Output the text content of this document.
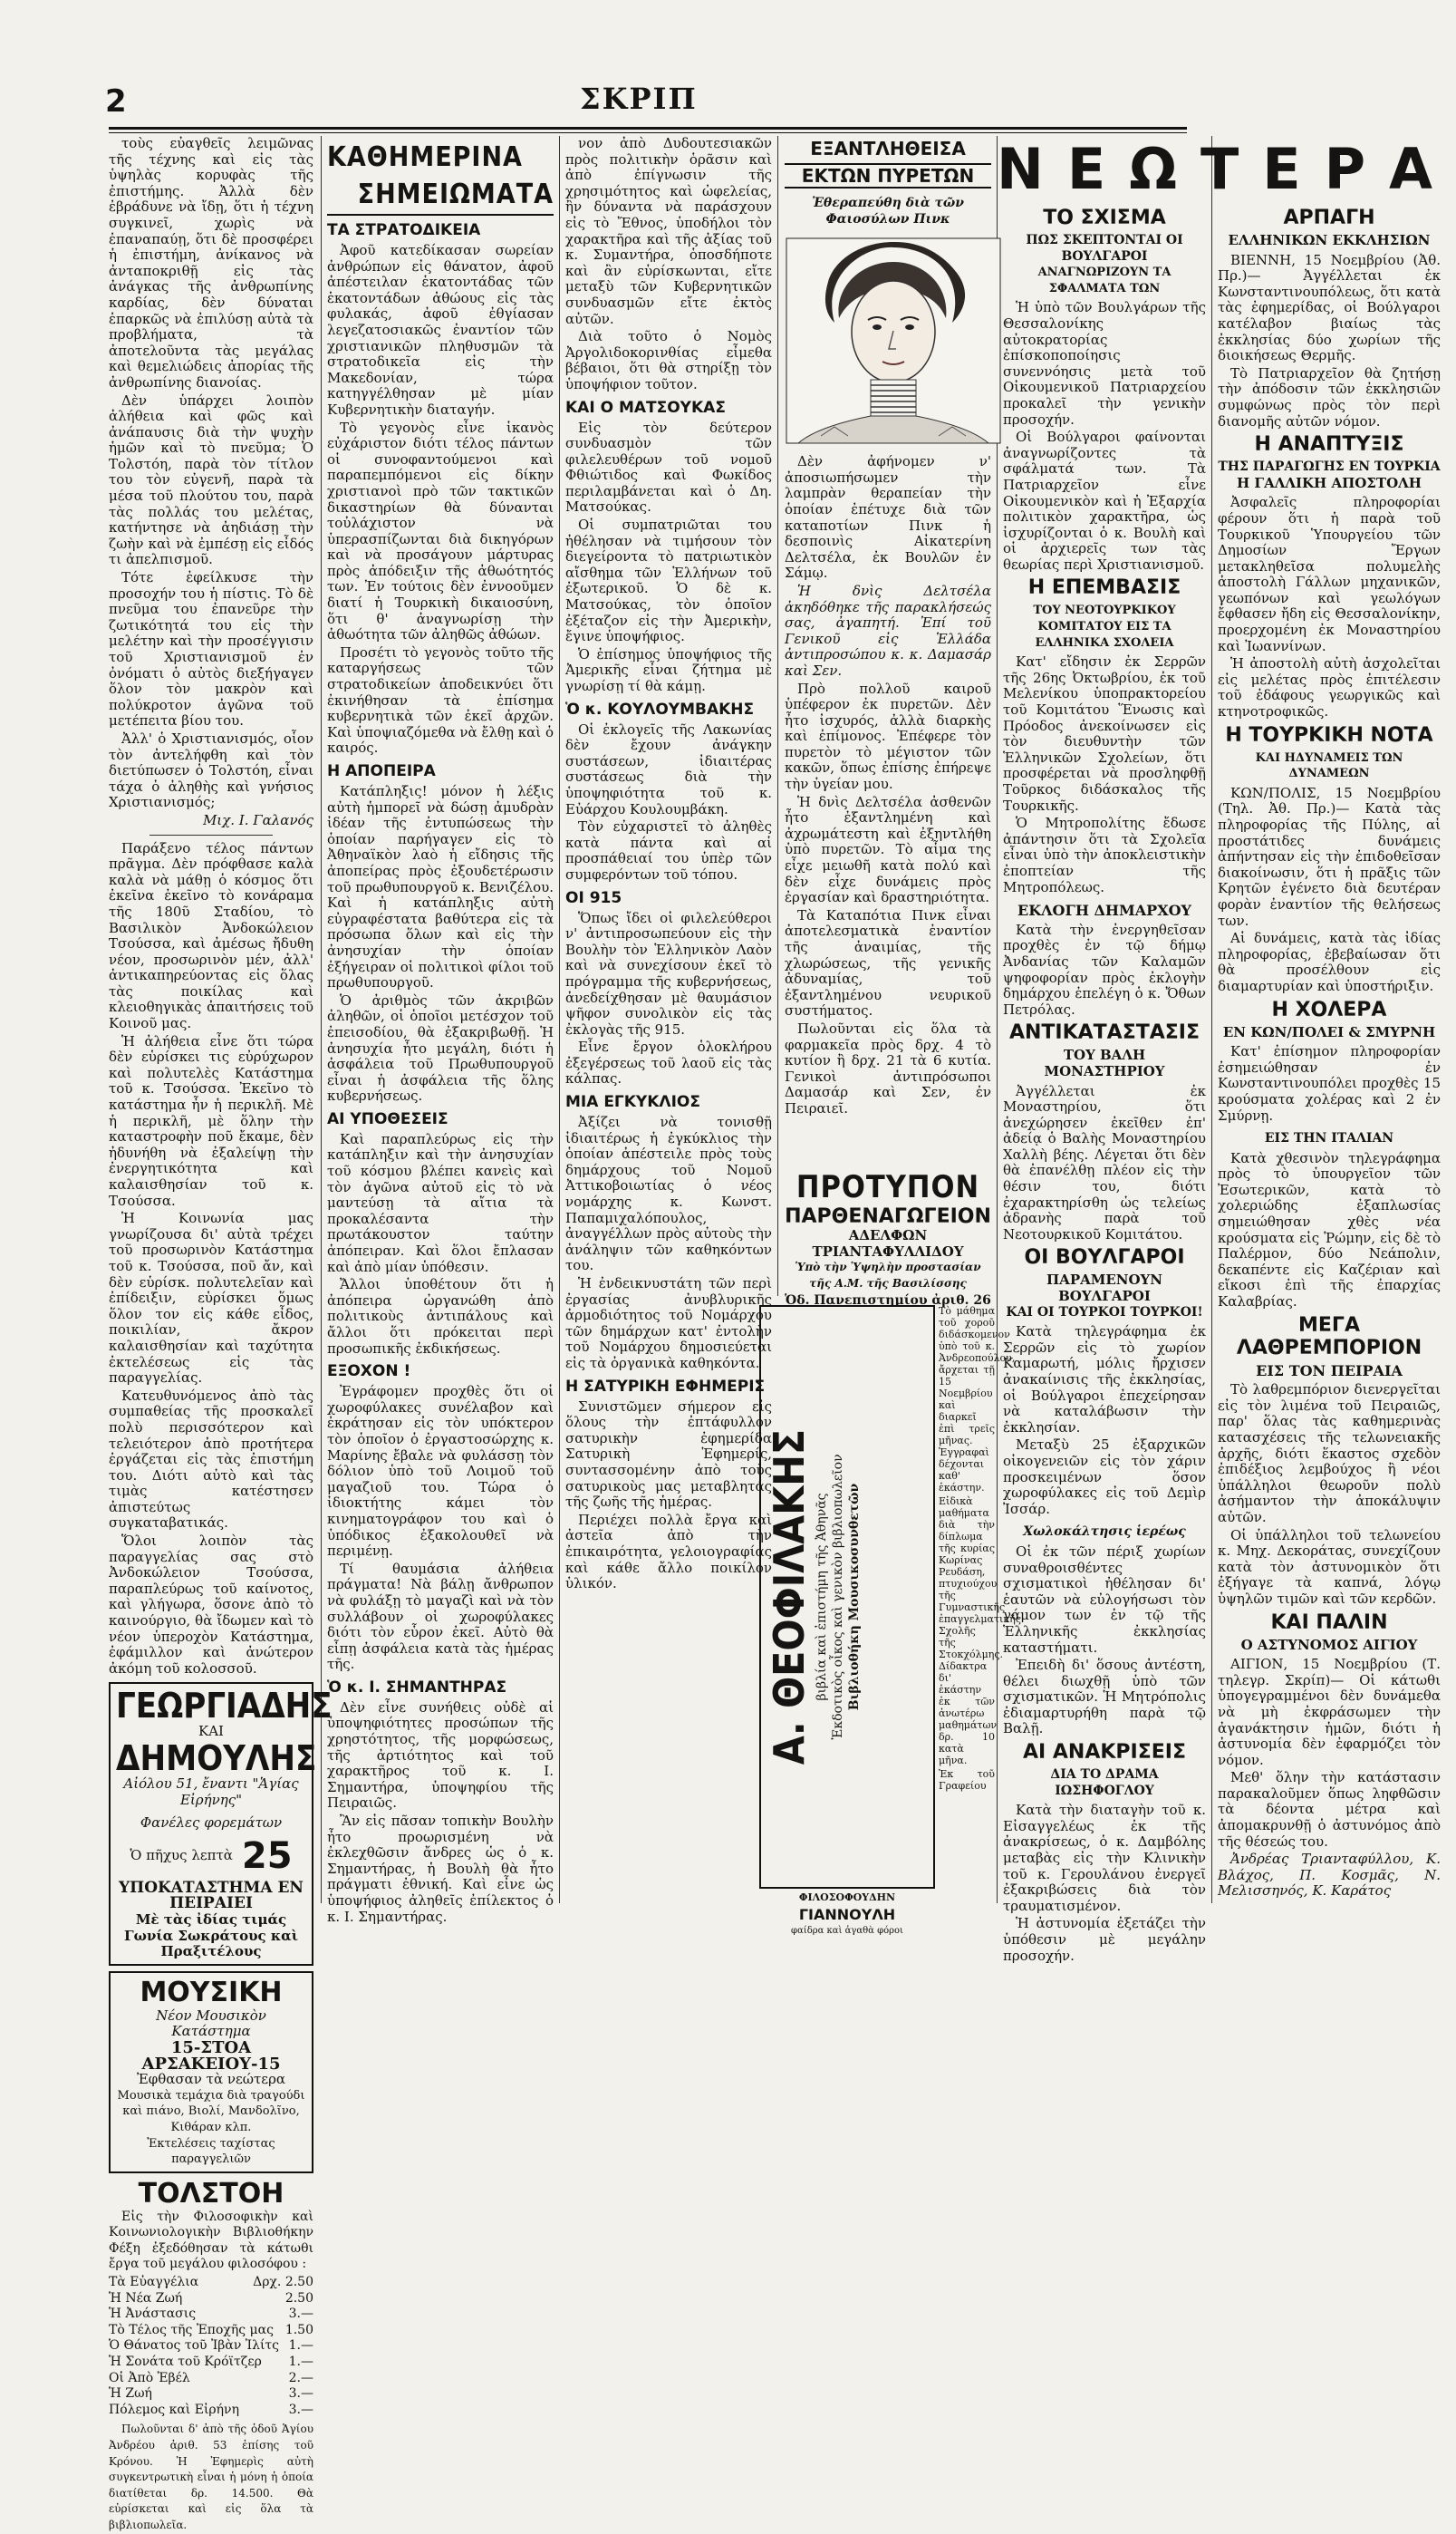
2	ΣΚΡΙΠ

τοὺς εὐαγθεῖς λειμῶνας τῆς τέχνης καὶ εἰς τὰς ὑψηλὰς κορυφὰς τῆς ἐπιστήμης. Ἀλλὰ δὲν ἐβράδυνε νὰ ἴδῃ, ὅτι ἡ τέχνη συγκινεῖ, χωρὶς νὰ ἐπαναπαύῃ, ὅτι δὲ προσφέρει ἡ ἐπιστήμη, ἀνίκανος νὰ ἀνταποκριθῇ εἰς τὰς ἀνάγκας τῆς ἀνθρωπίνης καρδίας, δὲν δύναται ἐπαρκῶς νὰ ἐπιλύσῃ αὐτὰ τὰ προβλήματα, τὰ ἀποτελοῦντα τὰς μεγάλας καὶ θεμελιώδεις ἀπορίας τῆς ἀνθρωπίνης διανοίας.

Δὲν ὑπάρχει λοιπὸν ἀλήθεια καὶ φῶς καὶ ἀνάπαυσις διὰ τὴν ψυχὴν ἡμῶν καὶ τὸ πνεῦμα; Ὁ Τολστόη, παρὰ τὸν τίτλον του τὸν εὐγενῆ, παρὰ τὰ μέσα τοῦ πλούτου του, παρὰ τὰς πολλάς του μελέτας, κατήντησε νὰ ἀηδιάσῃ τὴν ζωὴν καὶ νὰ ἐμπέσῃ εἰς εἶδός τι ἀπελπισμοῦ.

Τότε ἐφείλκυσε τὴν προσοχήν του ἡ πίστις. Τὸ δὲ πνεῦμα του ἐπανεῦρε τὴν ζωτικότητά του εἰς τὴν μελέτην καὶ τὴν προσέγγισιν τοῦ Χριστιανισμοῦ ἐν ὀνόματι ὁ αὐτὸς διεξήγαγεν ὅλον τὸν μακρὸν καὶ πολύκροτον ἀγῶνα τοῦ μετέπειτα βίου του.

Ἀλλ' ὁ Χριστιανισμός, οἷον τὸν ἀντελήφθη καὶ τὸν διετύπωσεν ὁ Τολστόη, εἶναι τάχα ὁ ἀληθὴς καὶ γνήσιος Χριστιανισμός;

Μιχ. Ι. Γαλανός

Παράξενο τέλος πάντων πρᾶγμα. Δὲν πρόφθασε καλὰ καλὰ νὰ μάθῃ ὁ κόσμος ὅτι ἐκεῖνα ἐκεῖνο τὸ κονάραμα τῆς 180ῦ Σταδίου, τὸ Βασιλικὸν Ἀνδοκώλειον Τσούσσα, καὶ ἀμέσως ἤδυθη νέον, προσωρινὸν μέν, ἀλλ' ἀντικαπηρεύοντας εἰς ὅλας τὰς ποικίλας καὶ κλειοθηγικὰς ἀπαιτήσεις τοῦ Κοινοῦ μας.

Ἡ ἀλήθεια εἶνε ὅτι τώρα δὲν εὑρίσκει τις εὐρύχωρον καὶ πολυτελὲς Κατάστημα τοῦ κ. Τσούσσα. Ἐκεῖνο τὸ κατάστημα ἦν ἡ περικλῆ. Μὲ ἡ περικλῆ, μὲ ὅλην τὴν καταστροφὴν ποῦ ἔκαμε, δὲν ἠδυνήθη νὰ ἐξαλείψῃ τὴν ἐνεργητικότητα καὶ καλαισθησίαν τοῦ κ. Τσούσσα.

Ἡ Κοινωνία μας γνωρίζουσα δι' αὐτὰ τρέχει τοῦ προσωρινὸν Κατάστημα τοῦ κ. Τσούσσα, ποῦ ἄν, καὶ δὲν εὑρίσκ. πολυτελεῖαν καὶ ἐπίδειξιν, εὑρίσκει ὅμως ὅλον τον εἰς κάθε εἶδος, ποικιλίαν, ἄκρον καλαισθησίαν καὶ ταχύτητα ἐκτελέσεως εἰς τὰς παραγγελίας.

Κατευθυνόμενος ἀπὸ τὰς συμπαθείας τῆς προσκαλεῖ πολὺ περισσότερον καὶ τελειότερον ἀπὸ προτήτερα ἐργάζεται εἰς τὰς ἐπιστήμη του. Διότι αὐτὸ καὶ τὰς τιμὰς κατέστησεν ἀπιστεύτως συγκαταβατικάς.

Ὅλοι λοιπὸν τὰς παραγγελίας σας στὸ Ἀνδοκώλειον Τσούσσα, παραπλεύρως τοῦ καίνοτος, καὶ γλήγωρα, ὅσονε ἀπὸ τὸ καινούργιο, θὰ ἴδωμεν καὶ τὸ νέον ὑπεροχὸν Κατάστημα, ἐφάμιλλον καὶ ἀνώτερον ἀκόμη τοῦ κολοσσοῦ.

ΓΕΩΡΓΙΑΔΗΣ
ΚΑΙ
ΔΗΜΟΥΛΗΣ
Αἰόλου 51, ἔναντι "Ἁγίας Εἰρήνης"
Φανέλες φορεμάτων
Ὁ πῆχυς λεπτὰ 25
ΥΠΟΚΑΤΑΣΤΗΜΑ ΕΝ ΠΕΙΡΑΙΕΙ
Μὲ τὰς ἰδίας τιμάς
Γωνία Σωκράτους καὶ Πραξιτέλους
ΜΟΥΣΙΚΗ
Νέον Μουσικὸν Κατάστημα
15-ΣΤΟΑ ΑΡΣΑΚΕΙΟΥ-15
Ἐφθασαν τὰ νεώτερα
Μουσικὰ τεμάχια διὰ τραγούδι καὶ πιάνο, Βιολί, Μανδολῖνο, Κιθάραν κλπ.
Ἐκτελέσεις ταχίστας παραγγελιῶν
ΤΟΛΣΤΟΗ

Εἰς τὴν Φιλοσοφικὴν καὶ Κοινωνιολογικὴν Βιβλιοθήκην Φέξη ἐξεδόθησαν τὰ κάτωθι ἔργα τοῦ μεγάλου φιλοσόφου :

Τὰ Εὐαγγέλια	Δρχ. 2.50
Ἡ Νέα Ζωή	2.50
Ἡ Ἀνάστασις	3.—
Τὸ Τέλος τῆς Ἐποχῆς μας 1.50
Ὁ Θάνατος τοῦ Ἰβὰν Ἰλίτς 1.—
Ἡ Σονάτα τοῦ Κρόϊτζερ 1.—
Οἱ Ἀπὸ Ἐβέλ	2.—
Ἡ Ζωή	3.—
Πόλεμος καὶ Εἰρήνη	3.—

Πωλοῦνται δ' ἀπὸ τῆς ὁδοῦ Ἁγίου Ἀνδρέου ἀριθ. 53 ἐπίσης τοῦ Κρόνου. Ἡ Ἐφημερὶς αὐτὴ συγκεντρωτικὴ εἶναι ἡ μόνη ἡ ὁποία διατίθεται δρ. 14.500. Θὰ εὐρίσκεται καὶ εἰς ὅλα τὰ βιβλιοπωλεῖα.

ΚΑΘΗΜΕΡΙΝΑ
ΣΗΜΕΙΩΜΑΤΑ
ΤΑ ΣΤΡΑΤΟΔΙΚΕΙΑ

Ἀφοῦ κατεδίκασαν σωρείαν ἀνθρώπων εἰς θάνατον, ἀφοῦ ἀπέστειλαν ἑκατοντάδας τῶν ἑκατοντάδων ἀθώους εἰς τὰς φυλακάς, ἀφοῦ ἐθγίασαν λεγεζατοσιακῶς ἐναντίον τῶν χριστιανικῶν πληθυσμῶν τὰ στρατοδικεῖα εἰς τὴν Μακεδονίαν, τώρα κατηγγέλθησαν μὲ μίαν Κυβερνητικὴν διαταγήν.

Τὸ γεγονὸς εἶνε ἱκανὸς εὐχάριστον διότι τέλος πάντων οἱ συνοφαντούμενοι καὶ παραπεμπόμενοι εἰς δίκην χριστιανοὶ πρὸ τῶν τακτικῶν δικαστηρίων θὰ δύνανται τοὐλάχιστον νὰ ὑπερασπίζωνται διὰ δικηγόρων καὶ νὰ προσάγουν μάρτυρας πρὸς ἀπόδειξιν τῆς ἀθωότητός των. Ἐν τούτοις δὲν ἐννοοῦμεν διατί ἡ Τουρκικὴ δικαιοσύνη, ὅτι θ' ἀναγνωρίσῃ τὴν ἀθωότητα τῶν ἀληθῶς ἀθώων.

Προσέτι τὸ γεγονὸς τοῦτο τῆς καταργήσεως τῶν στρατοδικείων ἀποδεικνύει ὅτι ἐκινήθησαν τὰ ἐπίσημα κυβερνητικὰ τῶν ἐκεῖ ἀρχῶν. Καὶ ὑποψιαζόμεθα νὰ ἔλθῃ καὶ ὁ καιρός.

Η ΑΠΟΠΕΙΡΑ

Κατάπληξις! μόνον ἡ λέξις αὐτὴ ἡμπορεῖ νὰ δώσῃ ἀμυδρὰν ἰδέαν τῆς ἐντυπώσεως τὴν ὁποίαν παρήγαγεν εἰς τὸ Ἀθηναϊκὸν λαὸ ἡ εἴδησις τῆς ἀποπείρας πρὸς ἐξουδετέρωσιν τοῦ πρωθυπουργοῦ κ. Βενιζέλου. Καὶ ἡ κατάπληξις αὐτὴ εὐγραφέστατα βαθύτερα εἰς τὰ πρόσωπα ὅλων καὶ εἰς τὴν ἀνησυχίαν τὴν ὁποίαν ἐξήγειραν οἱ πολιτικοὶ φίλοι τοῦ πρωθυπουργοῦ.

Ὁ ἀριθμὸς τῶν ἀκριβῶν ἀληθῶν, οἱ ὁποῖοι μετέσχον τοῦ ἐπεισοδίου, θὰ ἐξακριβωθῇ. Ἡ ἀνησυχία ἦτο μεγάλη, διότι ἡ ἀσφάλεια τοῦ Πρωθυπουργοῦ εἶναι ἡ ἀσφάλεια τῆς ὅλης κυβερνήσεως.

ΑΙ ΥΠΟΘΕΣΕΙΣ

Καὶ παραπλεύρως εἰς τὴν κατάπληξιν καὶ τὴν ἀνησυχίαν τοῦ κόσμου βλέπει κανεὶς καὶ τὸν ἀγῶνα αὐτοῦ εἰς τὸ νὰ μαντεύσῃ τὰ αἴτια τὰ προκαλέσαντα τὴν πρωτάκουστον ταύτην ἀπόπειραν. Καὶ ὅλοι ἔπλασαν καὶ ἀπὸ μίαν ὑπόθεσιν.

Ἄλλοι ὑποθέτουν ὅτι ἡ ἀπόπειρα ὠργανώθη ἀπὸ πολιτικοὺς ἀντιπάλους καὶ ἄλλοι ὅτι πρόκειται περὶ προσωπικῆς ἐκδικήσεως.

ΕΞΟΧΟΝ !

Ἐγράφομεν προχθὲς ὅτι οἱ χωροφύλακες συνέλαβον καὶ ἐκράτησαν εἰς τὸν υπόκτερον τὸν ὁποῖον ὁ ἐργαστοσώρχης κ. Μαρίνης ἔβαλε νὰ φυλάσσῃ τὸν δόλιον ὑπὸ τοῦ Λοιμοῦ τοῦ μαγαζιοῦ του. Τώρα ὁ ἰδιοκτήτης κάμει τὸν κινηματογράφον του καὶ ὁ ὑπόδικος ἐξακολουθεῖ νὰ περιμένῃ.

Τί θαυμάσια ἀλήθεια πράγματα! Νὰ βάλῃ ἄνθρωπον νὰ φυλάξῃ τὸ μαγαζὶ καὶ νὰ τὸν συλλάβουν οἱ χωροφύλακες διότι τὸν εὗρον ἐκεῖ. Αὐτὸ θὰ εἶπῃ ἀσφάλεια κατὰ τὰς ἡμέρας τῆς.

Ὁ κ. Ι. ΣΗΜΑΝΤΗΡΑΣ

Δὲν εἶνε συνήθεις οὐδὲ αἱ ὑποψηφιότητες προσώπων τῆς χρηστότητος, τῆς μορφώσεως, τῆς ἀρτιότητος καὶ τοῦ χαρακτῆρος τοῦ κ. Ι. Σημαντήρα, ὑποψηφίου τῆς Πειραιῶς.

Ἂν εἰς πᾶσαν τοπικὴν Βουλὴν ἦτο προωρισμένη νὰ ἐκλεχθῶσιν ἄνδρες ὡς ὁ κ. Σημαντήρας, ἡ Βουλὴ θὰ ἦτο πράγματι ἐθνική. Καὶ εἶνε ὡς ὑποψήφιος ἀληθεῖς ἐπίλεκτος ὁ κ. Ι. Σημαντήρας.

νον ἀπὸ Δυδουτεσιακῶν πρὸς πολιτικὴν ὁρᾶσιν καὶ ἀπὸ ἐπίγνωσιν τῆς χρησιμότητος καὶ ὠφελείας, ἢν δύναντα νὰ παράσχουν εἰς τὸ Ἔθνος, ὑποδήλοι τὸν χαρακτῆρα καὶ τῆς ἀξίας τοῦ κ. Συμαντήρα, ὁποσδήποτε καὶ ἂν εὑρίσκωνται, εἴτε μεταξὺ τῶν Κυβερνητικῶν συνδυασμῶν εἴτε ἐκτὸς αὐτῶν.

Διὰ τοῦτο ὁ Νομὸς Ἀργολιδοκορινθίας εἶμεθα βέβαιοι, ὅτι θὰ στηρίξῃ τὸν ὑποψήφιον τοῦτον.

ΚΑΙ Ο ΜΑΤΣΟΥΚΑΣ

Εἰς τὸν δεύτερον συνδυασμὸν τῶν φιλελευθέρων τοῦ νομοῦ Φθιώτιδος καὶ Φωκίδος περιλαμβάνεται καὶ ὁ Δη. Ματσούκας.

Οἱ συμπατριῶται του ἠθέλησαν νὰ τιμήσουν τὸν διεγείροντα τὸ πατριωτικὸν αἴσθημα τῶν Ἑλλήνων τοῦ ἐξωτερικοῦ. Ὁ δὲ κ. Ματσούκας, τὸν ὁποῖον ἐξέταζον εἰς τὴν Ἀμερικὴν, ἔγινε ὑποψήφιος.

Ὁ ἐπίσημος ὑποψήφιος τῆς Ἀμερικῆς εἶναι ζήτημα μὲ γνωρίσῃ τί θὰ κάμῃ.

Ὁ κ. ΚΟΥΛΟΥΜΒΑΚΗΣ

Οἱ ἐκλογεῖς τῆς Λακωνίας δὲν ἔχουν ἀνάγκην συστάσεων, ἰδιαιτέρας συστάσεως διὰ τὴν ὑποψηφιότητα τοῦ κ. Εὐάρχου Κουλουμβάκη.

Τὸν εὐχαριστεῖ τὸ ἀληθὲς κατὰ πάντα καὶ αἱ προσπάθειαί του ὑπὲρ τῶν συμφερόντων τοῦ τόπου.

ΟΙ 915

Ὅπως ἴδει οἱ φιλελεύθεροι ν' ἀντιπροσωπεύουν εἰς τὴν Βουλὴν τὸν Ἑλληνικὸν Λαὸν καὶ νὰ συνεχίσουν ἐκεῖ τὸ πρόγραμμα τῆς κυβερνήσεως, ἀνεδείχθησαν μὲ θαυμάσιον ψῆφον συνολικὸν εἰς τὰς ἐκλογὰς τῆς 915.

Εἶνε ἔργον ὁλοκλήρου ἐξεγέρσεως τοῦ λαοῦ εἰς τὰς κάλπας.

ΜΙΑ ΕΓΚΥΚΛΙΟΣ

Ἀξίζει νὰ τονισθῇ ἰδιαιτέρως ἡ ἐγκύκλιος τὴν ὁποίαν ἀπέστειλε πρὸς τοὺς δημάρχους τοῦ Νομοῦ Ἀττικοβοιωτίας ὁ νέος νομάρχης κ. Κωνστ. Παπαμιχαλόπουλος, ἀναγγέλλων πρὸς αὐτοὺς τὴν ἀνάληψιν τῶν καθηκόντων του.

Ἡ ἐνδεικνυστάτη τῶν περὶ ἐργασίας ἀνυβλυρικῆς ἀρμοδιότητος τοῦ Νομάρχου τῶν δημάρχων κατ' ἐντολὴν τοῦ Νομάρχου δημοσιεύεται εἰς τὰ ὀργανικὰ καθηκόντα.

Η ΣΑΤΥΡΙΚΗ ΕΦΗΜΕΡΙΣ

Συνιστῶμεν σήμερον εἰς ὅλους τὴν ἐπτάφυλλον σατυρικὴν ἐφημερίδα Σατυρικὴ Ἐφημερίς, συντασσομένην ἀπὸ τοὺς σατυρικοὺς μας μεταβλητάς τῆς ζωῆς τῆς ἡμέρας.

Περιέχει πολλὰ ἔργα καὶ ἀστεῖα ἀπὸ τὴν ἐπικαιρότητα, γελοιογραφίας καὶ κάθε ἄλλο ποικίλον ὑλικόν.

ΕΞΑΝΤΛΗΘΕΙΣΑ
ΕΚΤΩΝ ΠΥΡΕΤΩΝ
Ἐθεραπεύθη διὰ τῶν Φαιοσύλων Πινκ

Δὲν ἀφήνομεν ν' ἀποσιωπήσωμεν τὴν λαμπρὰν θεραπείαν τὴν ὁποίαν ἐπέτυχε διὰ τῶν καταποτίων Πινκ ἡ δεσποινὶς Αἰκατερίνη Δελτσέλα, ἐκ Βουλῶν ἐν Σάμῳ.

Ἡ δνὶς Δελτσέλα ἀκηδόθηκε τῆς παρακλήσεώς σας, ἀγαπητή. Ἐπί τοῦ Γενικοῦ εἰς Ἑλλάδα ἀντιπροσώπου κ. κ. Δαμασάρ καὶ Σεν.

Πρὸ πολλοῦ καιροῦ ὑπέφερον ἐκ πυρετῶν. Δὲν ἦτο ἰσχυρός, ἀλλὰ διαρκὴς καὶ ἐπίμονος. Ἐπέφερε τὸν πυρετὸν τὸ μέγιστον τῶν κακῶν, ὅπως ἐπίσης ἐπήρεψε τὴν ὑγείαν μου.

Ἡ δνὶς Δελτσέλα ἀσθενῶν ἦτο ἐξαντλημένη καὶ ἀχρωμάτεστη καὶ ἐξηντλήθη ὑπὸ πυρετῶν. Τὸ αἷμα της εἶχε μειωθῆ κατὰ πολύ καὶ δὲν εἶχε δυνάμεις πρὸς ἐργασίαν καὶ δραστηριότητα.

Τὰ Καταπότια Πινκ εἶναι ἀποτελεσματικὰ ἐναντίον τῆς ἀναιμίας, τῆς χλωρώσεως, τῆς γενικῆς ἀδυναμίας, τοῦ ἐξαντλημένου νευρικοῦ συστήματος.

Πωλοῦνται εἰς ὅλα τὰ φαρμακεῖα πρὸς δρχ. 4 τὸ κυτίον ἢ δρχ. 21 τὰ 6 κυτία. Γενικοὶ ἀντιπρόσωποι Δαμασάρ καὶ Σεν, ἐν Πειραιεῖ.

ΠΡΟΤΥΠΟΝ
ΠΑΡΘΕΝΑΓΩΓΕΙΟΝ
ΑΔΕΛΦΩΝ ΤΡΙΑΝΤΑΦΥΛΛΙΔΟΥ
Ὑπὸ τὴν Ὑψηλὴν προστασίαν τῆς Α.Μ. τῆς Βασιλίσσης
Ὁδ. Πανεπιστημίου ἀριθ. 26

Τὸ μάθημα τοῦ χοροῦ διδάσκομενον ὑπὸ τοῦ κ. Ἀνδρεοπούλου, ἄρχεται τῇ 15 Νοεμβρίου καὶ διαρκεῖ ἐπὶ τρεῖς μῆνας. Ἐγγραφαὶ δέχονται καθ' ἑκάστην.

Εἰδικὰ μαθήματα διὰ τὴν δίπλωμα τῆς κυρίας Κωρίνας Ρευδάση, πτυχιούχου τῆς Γυμναστικῆς ἐπαγγελματικῆς Σχολῆς τῆς Στοκχόλμης. Δίδακτρα δι' ἑκάστην ἐκ τῶν ἀνωτέρω μαθημάτων δρ. 10 κατὰ μῆνα.

Ἐκ τοῦ Γραφείου

Α. ΘΕΟΦΙΛΑΚΗΣ βιβλία καὶ ἐπιστήμη τῆς Ἀθηνᾶς Ἐκδοτικὸς οἶκος καὶ γενικὸν βιβλιοπωλεῖον Βιβλιοθήκη Μουσικοσυνθετῶν
ΦΙΛΟΣΟΦΟΥΔΗΝ
ΓΙΑΝΝΟΥΛΗ
φαίδρα καὶ ἀγαθὰ φόροι
ΝΕΩΤΕΡΑ
ΤΟ ΣΧΙΣΜΑ
ΠΩΣ ΣΚΕΠΤΟΝΤΑΙ ΟΙ ΒΟΥΛΓΑΡΟΙ
ΑΝΑΓΝΩΡΙΖΟΥΝ ΤΑ ΣΦΑΛΜΑΤΑ ΤΩΝ

Ἡ ὑπὸ τῶν Βουλγάρων τῆς Θεσσαλονίκης αὐτοκρατορίας ἐπίσκοποποίησις συνεννόησις μετὰ τοῦ Οἰκουμενικοῦ Πατριαρχείου προκαλεῖ τὴν γενικὴν προσοχήν.

Οἱ Βούλγαροι φαίνονται ἀναγνωρίζοντες τὰ σφάλματά των. Τὰ Πατριαρχεῖον εἶνε Οἰκουμενικὸν καὶ ἡ Ἐξαρχία πολιτικὸν χαρακτῆρα, ὡς ἰσχυρίζονται ὁ κ. Βουλὴ καὶ οἱ ἀρχιερεῖς των τὰς θεωρίας περὶ Χριστιανισμοῦ.

Η ΕΠΕΜΒΑΣΙΣ
ΤΟΥ ΝΕΟΤΟΥΡΚΙΚΟΥ ΚΟΜΙΤΑΤΟΥ ΕΙΣ ΤΑ ΕΛΛΗΝΙΚΑ ΣΧΟΛΕΙΑ

Κατ' εἴδησιν ἐκ Σερρῶν τῆς 26ης Ὀκτωβρίου, ἐκ τοῦ Μελενίκου ὑποπρακτορείου τοῦ Κομιτάτου Ἕνωσις καὶ Πρόοδος ἀνεκοίνωσεν εἰς τὸν διευθυντὴν τῶν Ἑλληνικῶν Σχολείων, ὅτι προσφέρεται νὰ προσληφθῇ Τοῦρκος διδάσκαλος τῆς Τουρκικῆς.

Ὁ Μητροπολίτης ἔδωσε ἀπάντησιν ὅτι τὰ Σχολεῖα εἶναι ὑπὸ τὴν ἀποκλειστικὴν ἐποπτείαν τῆς Μητροπόλεως.

ΕΚΛΟΓΗ ΔΗΜΑΡΧΟΥ

Κατὰ τὴν ἐνεργηθεῖσαν προχθὲς ἐν τῷ δήμῳ Ἀνδανίας τῶν Καλαμῶν ψηφοφορίαν πρὸς ἐκλογὴν δημάρχου ἐπελέγη ὁ κ. Ὄθων Πετρόλας.

ΑΝΤΙΚΑΤΑΣΤΑΣΙΣ
ΤΟΥ ΒΑΛΗ ΜΟΝΑΣΤΗΡΙΟΥ

Ἀγγέλλεται ἐκ Μοναστηρίου, ὅτι ἀνεχώρησεν ἐκεῖθεν ἐπ' ἀδείᾳ ὁ Βαλὴς Μοναστηρίου Χαλλὴ βέης. Λέγεται ὅτι δὲν θὰ ἐπανέλθῃ πλέον εἰς τὴν θέσιν του, διότι ἐχαρακτηρίσθη ὡς τελείως ἀδρανὴς παρὰ τοῦ Νεοτουρκικοῦ Κομιτάτου.

ΟΙ ΒΟΥΛΓΑΡΟΙ
ΠΑΡΑΜΕΝΟΥΝ ΒΟΥΛΓΑΡΟΙ
ΚΑΙ ΟΙ ΤΟΥΡΚΟΙ ΤΟΥΡΚΟΙ!

Κατὰ τηλεγράφημα ἐκ Σερρῶν εἰς τὸ χωρίον Καμαρωτή, μόλις ἤρχισεν ἀνακαίνισις τῆς ἐκκλησίας, οἱ Βούλγαροι ἐπεχείρησαν νὰ καταλάβωσιν τὴν ἐκκλησίαν.

Μεταξὺ 25 ἐξαρχικῶν οἰκογενειῶν εἰς τὸν χάριν προσκειμένων ὅσον χωροφύλακες εἰς τοῦ Δεμὶρ Ἰσσάρ.

Χωλοκάλτησις ἱερέως

Οἱ ἐκ τῶν πέριξ χωρίων συναθροισθέντες σχισματικοὶ ἠθέλησαν δι' ἑαυτῶν νὰ εὐλογήσωσι τὸν γάμον των ἐν τῷ τῆς Ἑλληνικῆς ἐκκλησίας καταστήματι.

Ἐπειδὴ δι' ὅσους ἀντέστη, θέλει διωχθῇ ὑπὸ τῶν σχισματικῶν. Ἡ Μητρόπολις ἐδιαμαρτυρήθη παρὰ τῷ Βαλῇ.

ΑΙ ΑΝΑΚΡΙΣΕΙΣ
ΔΙΑ ΤΟ ΔΡΑΜΑ ΙΩΣΗΦΟΓΛΟΥ

Κατὰ τὴν διαταγὴν τοῦ κ. Εἰσαγγελέως ἐκ τῆς ἀνακρίσεως, ὁ κ. Δαμβόλης μεταβὰς εἰς τὴν Κλινικὴν τοῦ κ. Γερουλάνου ἐνεργεῖ ἐξακριβώσεις διὰ τὸν τραυματισμένον.

Ἡ ἀστυνομία ἐξετάζει τὴν ὑπόθεσιν μὲ μεγάλην προσοχήν.

ΑΡΠΑΓΗ
ΕΛΛΗΝΙΚΩΝ ΕΚΚΛΗΣΙΩΝ

ΒΙΕΝΝΗ, 15 Νοεμβρίου (Ἀθ. Πρ.)— Ἀγγέλλεται ἐκ Κωνσταντινουπόλεως, ὅτι κατὰ τὰς ἐφημερίδας, οἱ Βούλγαροι κατέλαβον βιαίως τὰς ἐκκλησίας δύο χωρίων τῆς διοικήσεως Θερμῆς.

Τὸ Πατριαρχεῖον θὰ ζητήσῃ τὴν ἀπόδοσιν τῶν ἐκκλησιῶν συμφώνως πρὸς τὸν περὶ διανομῆς αὐτῶν νόμον.

Η ΑΝΑΠΤΥΞΙΣ
ΤΗΣ ΠΑΡΑΓΩΓΗΣ ΕΝ ΤΟΥΡΚΙΑ
Η ΓΑΛΛΙΚΗ ΑΠΟΣΤΟΛΗ

Ἀσφαλεῖς πληροφορίαι φέρουν ὅτι ἡ παρὰ τοῦ Τουρκικοῦ Ὑπουργείου τῶν Δημοσίων Ἔργων μετακληθεῖσα πολυμελὴς ἀποστολὴ Γάλλων μηχανικῶν, γεωπόνων καὶ γεωλόγων ἔφθασεν ἤδη εἰς Θεσσαλονίκην, προερχομένη ἐκ Μοναστηρίου καὶ Ἰωαννίνων.

Ἡ ἀποστολὴ αὐτὴ ἀσχολεῖται εἰς μελέτας πρὸς ἐπιτέλεσιν τοῦ ἐδάφους γεωργικῶς καὶ κτηνοτροφικῶς.

Η ΤΟΥΡΚΙΚΗ ΝΟΤΑ
ΚΑΙ ΗΔΥΝΑΜΕΙΣ ΤΩΝ ΔΥΝΑΜΕΩΝ

ΚΩΝ/ΠΟΛΙΣ, 15 Νοεμβρίου (Τηλ. Ἀθ. Πρ.)— Κατὰ τὰς πληροφορίας τῆς Πύλης, αἱ προστάτιδες δυνάμεις ἀπήντησαν εἰς τὴν ἐπιδοθεῖσαν διακοίνωσιν, ὅτι ἡ πρᾶξις τῶν Κρητῶν ἐγένετο διὰ δευτέραν φορὰν ἐναντίον τῆς θελήσεως των.

Αἱ δυνάμεις, κατὰ τὰς ἰδίας πληροφορίας, ἐβεβαίωσαν ὅτι θὰ προσέλθουν εἰς διαμαρτυρίαν καὶ ὑποστήριξιν.

Η ΧΟΛΕΡΑ
ΕΝ ΚΩΝ/ΠΟΛΕΙ & ΣΜΥΡΝΗ

Κατ' ἐπίσημον πληροφορίαν ἐσημειώθησαν ἐν Κωνσταντινουπόλει προχθὲς 15 κρούσματα χολέρας καὶ 2 ἐν Σμύρνῃ.

ΕΙΣ ΤΗΝ ΙΤΑΛΙΑΝ

Κατὰ χθεσινὸν τηλεγράφημα πρὸς τὸ ὑπουργεῖον τῶν Ἐσωτερικῶν, κατὰ τὸ χολεριώδης ἐξαπλωσίας σημειώθησαν χθὲς νέα κρούσματα εἰς Ῥώμην, εἰς δὲ τὸ Παλέρμον, δύο Νεάπολιν, δεκαπέντε εἰς Καζέριαν καὶ εἴκοσι ἐπὶ τῆς ἐπαρχίας Καλαβρίας.

ΜΕΓΑ ΛΑΘΡΕΜΠΟΡΙΟΝ
ΕΙΣ ΤΟΝ ΠΕΙΡΑΙΑ

Τὸ λαθρεμπόριον διενεργεῖται εἰς τὸν λιμένα τοῦ Πειραιῶς, παρ' ὅλας τὰς καθημερινὰς κατασχέσεις τῆς τελωνειακῆς ἀρχῆς, διότι ἕκαστος σχεδὸν ἐπιδέξιος λεμβούχος ἢ νέοι ὑπάλληλοι θεωροῦν πολὺ ἀσήμαντον τὴν ἀποκάλυψιν αὐτῶν.

Οἱ ὑπάλληλοι τοῦ τελωνείου κ. Μηχ. Δεκοράτας, συνεχίζουν κατὰ τὸν ἀστυνομικὸν ὅτι ἐξήγαγε τὰ καπνά, λόγῳ ὑψηλῶν τιμῶν καὶ τῶν κερδῶν.

ΚΑΙ ΠΑΛΙΝ
Ο ΑΣΤΥΝΟΜΟΣ ΑΙΓΙΟΥ

ΑΙΓΙΟΝ, 15 Νοεμβρίου (Τ. τηλεγρ. Σκρίπ)— Οἱ κάτωθι ὑπογεγραμμένοι δὲν δυνάμεθα νὰ μὴ ἐκφράσωμεν τὴν ἀγανάκτησιν ἡμῶν, διότι ἡ ἀστυνομία δὲν ἐφαρμόζει τὸν νόμον.

Μεθ' ὅλην τὴν κατάστασιν παρακαλοῦμεν ὅπως ληφθῶσιν τὰ δέοντα μέτρα καὶ ἀπομακρυνθῇ ὁ ἀστυνόμος ἀπὸ τῆς θέσεώς του.

Ἀνδρέας Τριανταφύλλου, Κ. Βλάχος, Π. Κοσμᾶς, Ν. Μελισσηνός, Κ. Καράτος
